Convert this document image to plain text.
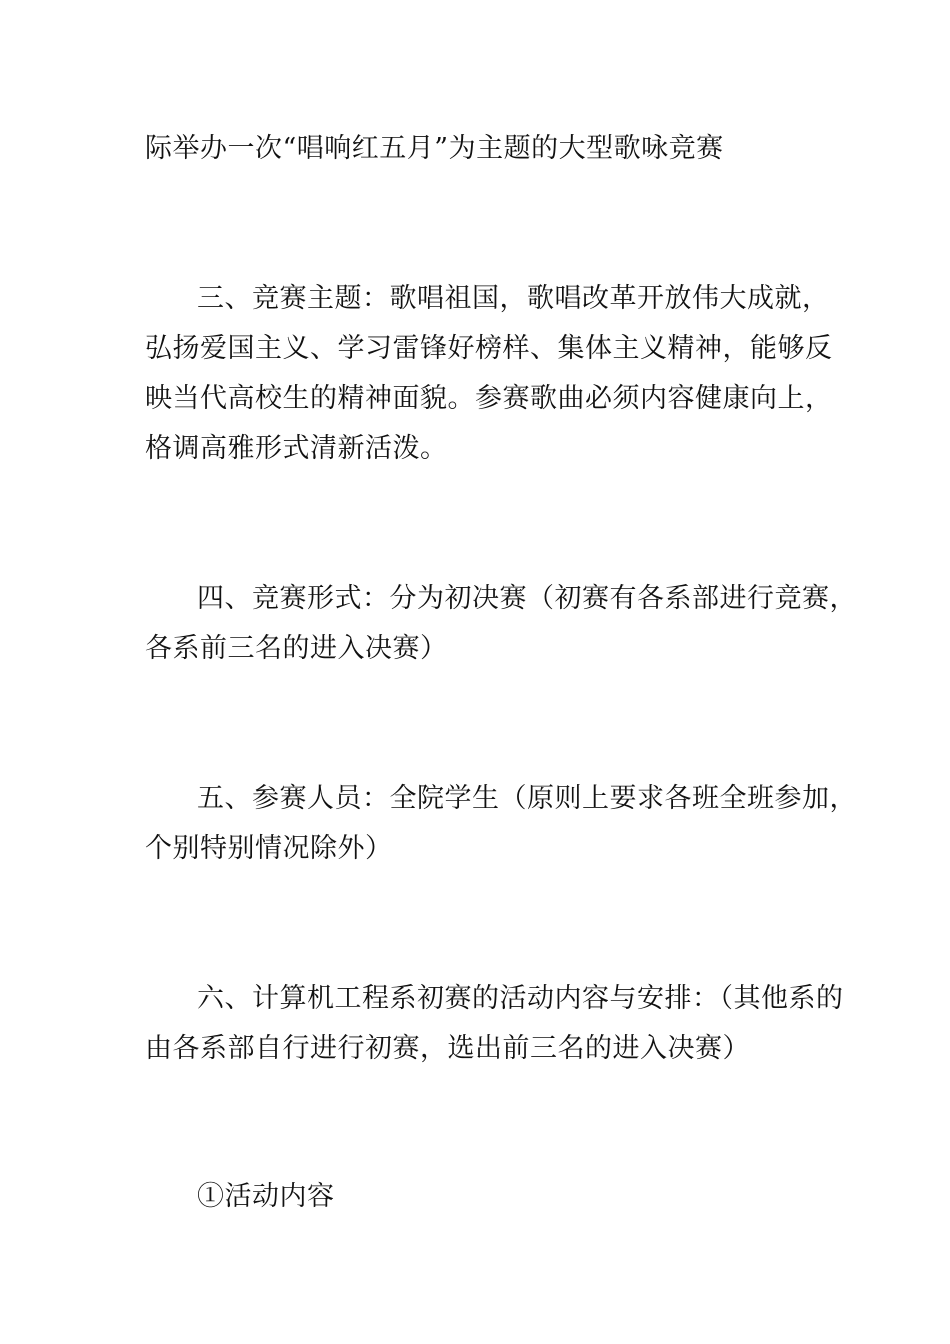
际举办一次“唱响红五月”为主题的大型歌咏竞赛
三、竞赛主题：歌唱祖国，歌唱改革开放伟大成就，
弘扬爱国主义、学习雷锋好榜样、集体主义精神，能够反
映当代高校生的精神面貌。参赛歌曲必须内容健康向上，
格调高雅形式清新活泼。
四、竞赛形式：分为初决赛（初赛有各系部进行竞赛，
各系前三名的进入决赛）
五、参赛人员：全院学生（原则上要求各班全班参加，
个别特别情况除外）
六、计算机工程系初赛的活动内容与安排：（其他系的
由各系部自行进行初赛，选出前三名的进入决赛）
①活动内容
